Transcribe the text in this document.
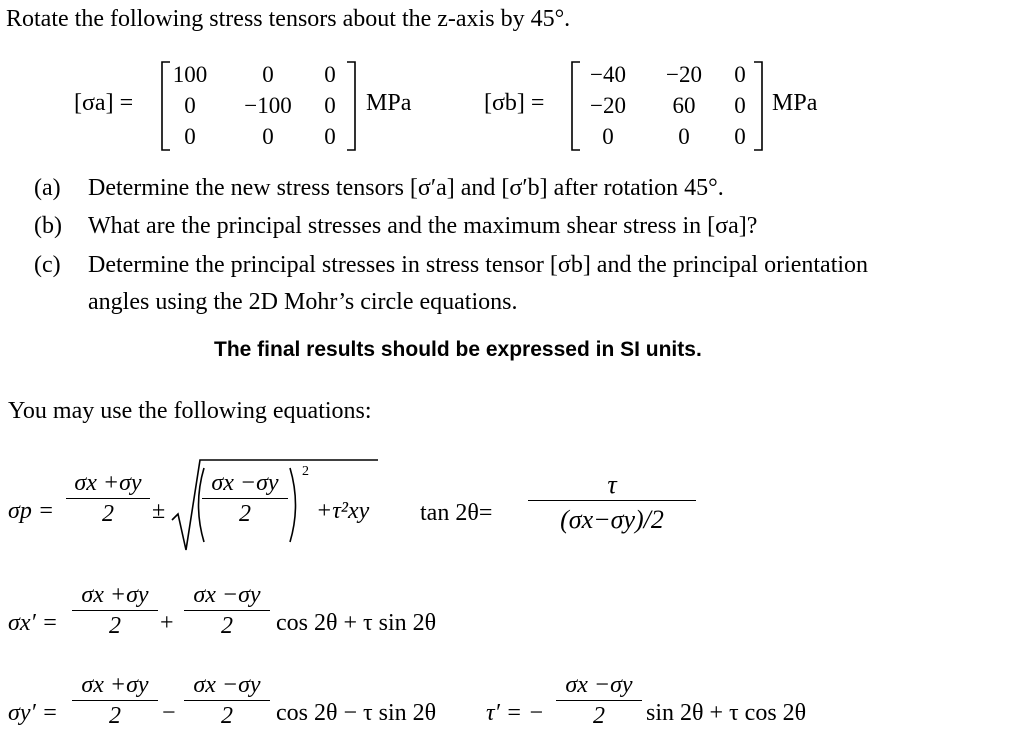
Rotate the following stress tensors about the z-axis by 45°.
[σa] =
100	0	0
0	−100	0
0	0	0
MPa	[σb] =
−40	−20	0
−20	60	0
0	0	0
MPa
(a) Determine the new stress tensors [σ′a] and [σ′b] after rotation 45°.
(b) What are the principal stresses and the maximum shear stress in [σa]?
(c) Determine the principal stresses in stress tensor [σb] and the principal orientation
angles using the 2D Mohr’s circle equations.
The final results should be expressed in SI units.
You may use the following equations:
σp =
σx +σy
2	±
σx −σy
2
2
+τ²xy tan 2θ=
τ
(σx−σy)/2
σx′ =
σx +σy
2	+
σx −σy
2	cos 2θ + τ sin 2θ
σy′ =
σx +σy
2	−
σx −σy
2	cos 2θ − τ sin 2θ τ′ = −
σx −σy
2	sin 2θ + τ cos 2θ
